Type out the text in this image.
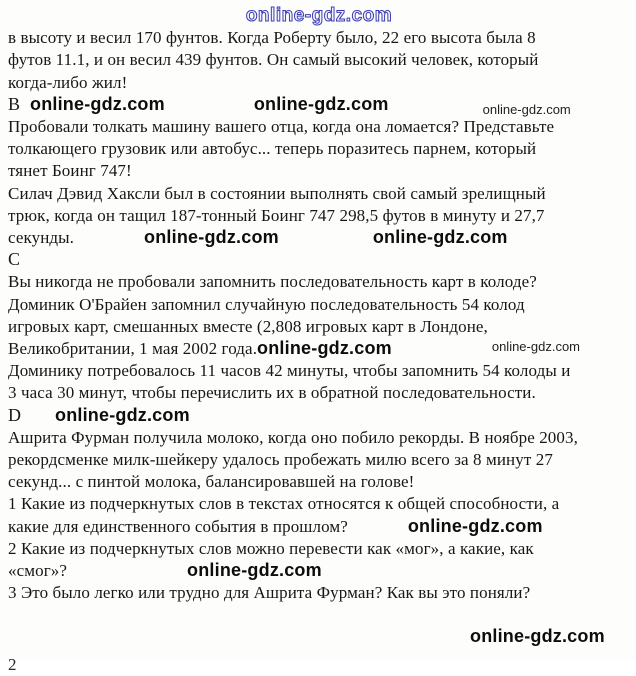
online-gdz.com
в высоту и весил 170 фунтов. Когда Роберту было, 22 его высота была 8
футов 11.1, и он весил 439 фунтов. Он самый высокий человек, который
когда-либо жил!
B online-gdz.com	online-gdz.com	$_{online-gdz.com}$
Пробовали толкать машину вашего отца, когда она ломается? Представьте
толкающего грузовик или автобус... теперь поразитесь парнем, который
тянет Боинг 747!
Силач Дэвид Хаксли был в состоянии выполнять свой самый зрелищный
трюк, когда он тащил 187-тонный Боинг 747 298,5 футов в минуту и 27,7
секунды.	online-gdz.com	online-gdz.com
C
Вы никогда не пробовали запомнить последовательность карт в колоде?
Доминик О'Брайен запомнил случайную последовательность 54 колод
игровых карт, смешанных вместе (2,808 игровых карт в Лондоне,
Великобритании, 1 мая 2002 года.online-gdz.com	online-gdz.com
Доминику потребовалось 11 часов 42 минуты, чтобы запомнить 54 колоды и
3 часа 30 минут, чтобы перечислить их в обратной последовательности.
D online-gdz.com
Ашрита Фурман получила молоко, когда оно побило рекорды. В ноябре 2003,
рекордсменке милк-шейкеру удалось пробежать милю всего за 8 минут 27
секунд... с пинтой молока, балансировавшей на голове!
1 Какие из подчеркнутых слов в текстах относятся к общей способности, а
какие для единственного события в прошлом?	online-gdz.com
2 Какие из подчеркнутых слов можно перевести как «мог», а какие, как
«смог»?	online-gdz.com
3 Это было легко или трудно для Ашрита Фурман? Как вы это поняли?
online-gdz.com
2
